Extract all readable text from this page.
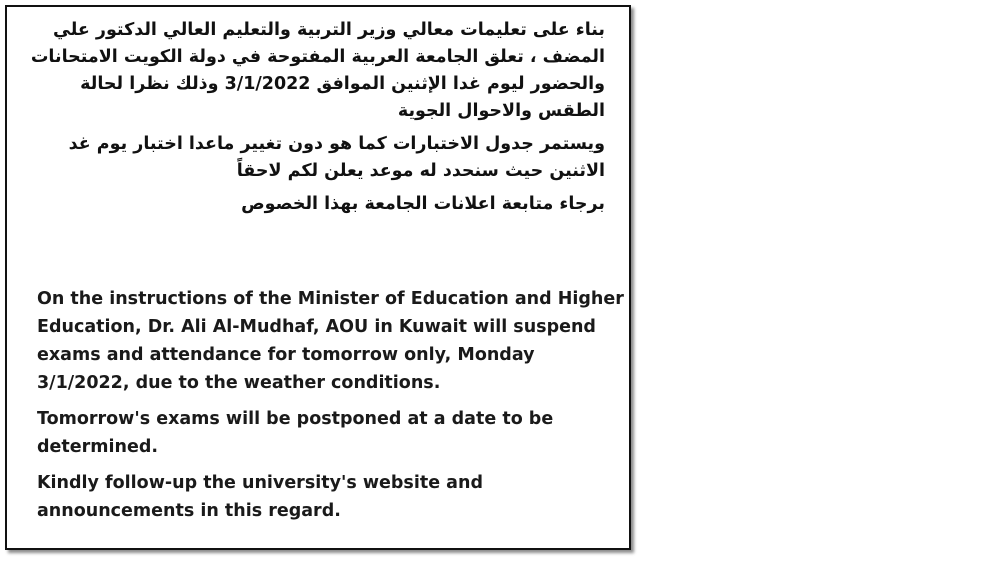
بناء على تعليمات معالي وزير التربية والتعليم العالي الدكتور علي المضف ، تعلق الجامعة العربية المفتوحة في دولة الكويت الامتحانات والحضور ليوم غدا الإثنين الموافق 3/1/2022 وذلك نظرا لحالة الطقس والاحوال الجوية

ويستمر جدول الاختبارات كما هو دون تغيير ماعدا اختبار يوم غد الاثنين حيث سنحدد له موعد يعلن لكم لاحقاً

برجاء متابعة اعلانات الجامعة بهذا الخصوص

On the instructions of the Minister of Education and Higher Education, Dr. Ali Al-Mudhaf, AOU in Kuwait will suspend exams and attendance for tomorrow only, Monday 3/1/2022, due to the weather conditions.

Tomorrow's exams will be postponed at a date to be determined.

Kindly follow-up the university's website and announcements in this regard.
